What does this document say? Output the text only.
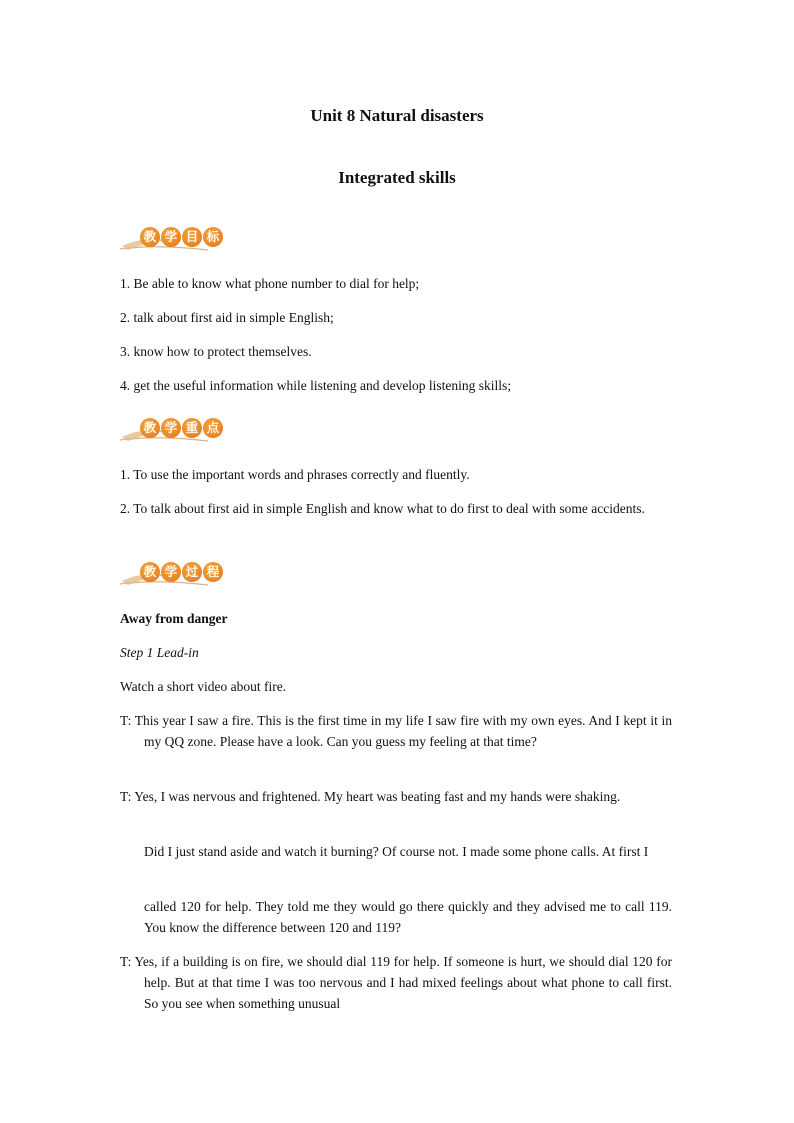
Unit 8 Natural disasters
Integrated skills
教 学 目 标

1. Be able to know what phone number to dial for help;

2. talk about first aid in simple English;

3. know how to protect themselves.

4. get the useful information while listening and develop listening skills;

教 学 重 点

1. To use the important words and phrases correctly and fluently.

2. To talk about first aid in simple English and know what to do first to deal with some accidents.

教 学 过 程

Away from danger

Step 1 Lead-in

Watch a short video about fire.

T: This year I saw a fire. This is the first time in my life I saw fire with my own eyes. And I kept it in my QQ zone. Please have a look. Can you guess my feeling at that time?

T: Yes, I was nervous and frightened. My heart was beating fast and my hands were shaking.

Did I just stand aside and watch it burning? Of course not. I made some phone calls. At first I

called 120 for help. They told me they would go there quickly and they advised me to call 119. You know the difference between 120 and 119?

T: Yes, if a building is on fire, we should dial 119 for help. If someone is hurt, we should dial 120 for help. But at that time I was too nervous and I had mixed feelings about what phone to call first. So you see when something unusual
